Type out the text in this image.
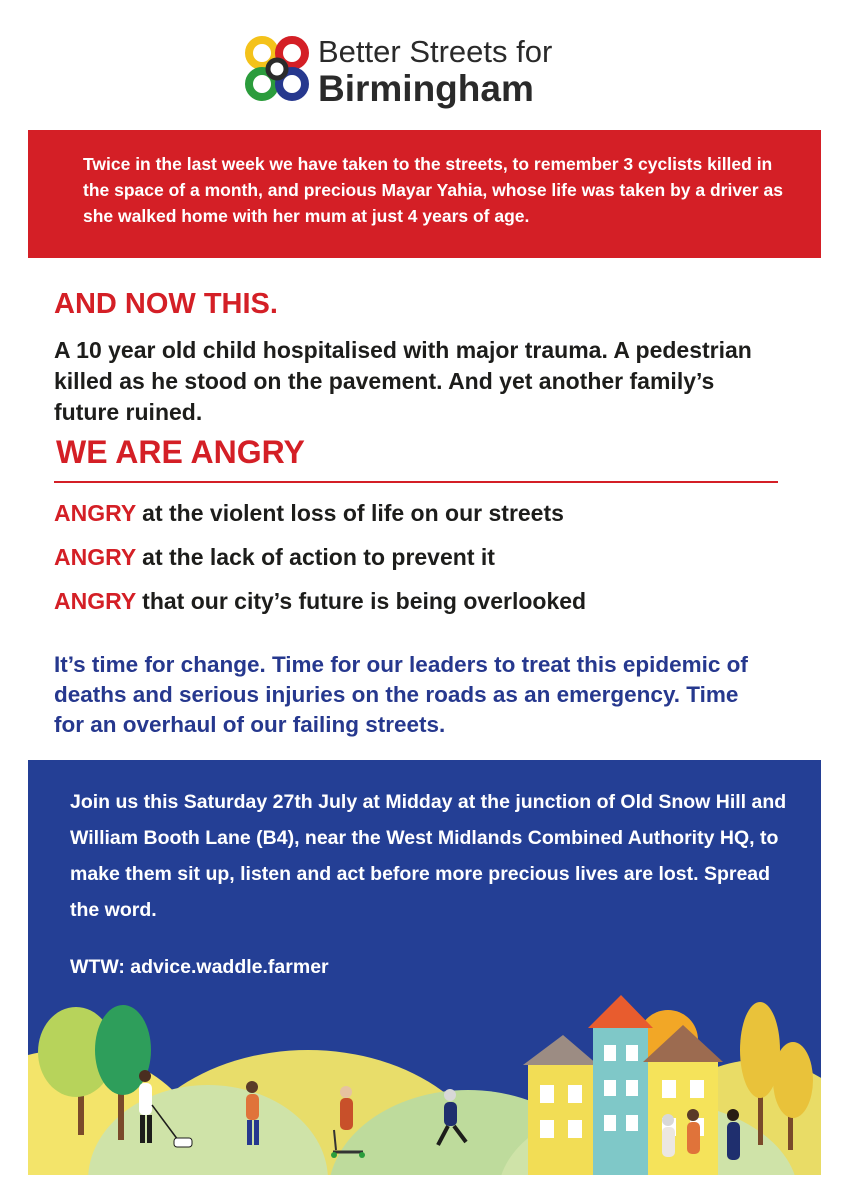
Better Streets for
Birmingham

Twice in the last week we have taken to the streets, to remember 3 cyclists killed in the space of a month, and precious Mayar Yahia, whose life was taken by a driver as she walked home with her mum at just 4 years of age.

AND NOW THIS.

A 10 year old child hospitalised with major trauma. A pedestrian killed as he stood on the pavement. And yet another family’s future ruined.

WE ARE ANGRY

ANGRY at the violent loss of life on our streets

ANGRY at the lack of action to prevent it

ANGRY that our city’s future is being overlooked

It’s time for change. Time for our leaders to treat this epidemic of deaths and serious injuries on the roads as an emergency. Time for an overhaul of our failing streets.

Join us this Saturday 27th July at Midday at the junction of Old Snow Hill and William Booth Lane (B4), near the West Midlands Combined Authority HQ, to make them sit up, listen and act before more precious lives are lost. Spread the word.

WTW: advice.waddle.farmer
